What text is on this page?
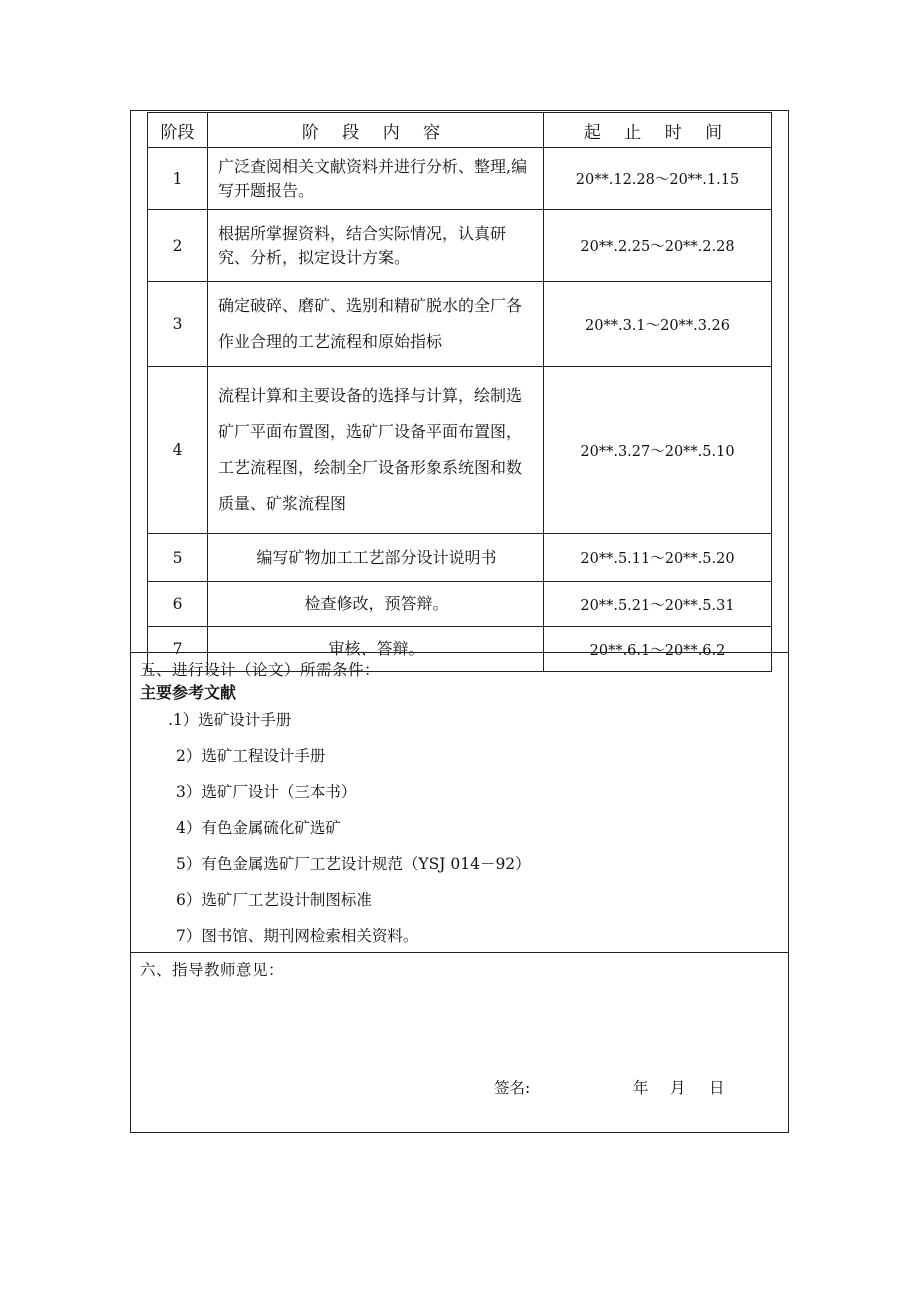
阶段	阶 段 内 容	起 止 时 间
1	广泛查阅相关文献资料并进行分析、整理,编写开题报告。	20**.12.28～20**.1.15
2	根据所掌握资料，结合实际情况，认真研究、分析，拟定设计方案。	20**.2.25～20**.2.28
3	确定破碎、磨矿、选别和精矿脱水的全厂各作业合理的工艺流程和原始指标	20**.3.1～20**.3.26
4	流程计算和主要设备的选择与计算，绘制选矿厂平面布置图，选矿厂设备平面布置图，工艺流程图，绘制全厂设备形象系统图和数质量、矿浆流程图	20**.3.27～20**.5.10
5	编写矿物加工工艺部分设计说明书	20**.5.11～20**.5.20
6	检查修改，预答辩。	20**.5.21～20**.5.31
7	审核、答辩。	20**.6.1～20**.6.2
五、进行设计（论文）所需条件：
主要参考文献
.1）选矿设计手册
2）选矿工程设计手册
3）选矿厂设计（三本书）
4）有色金属硫化矿选矿
5）有色金属选矿厂工艺设计规范（YSJ 014－92）
6）选矿厂工艺设计制图标准
7）图书馆、期刊网检索相关资料。
六、指导教师意见：
签名:	年 月 日
